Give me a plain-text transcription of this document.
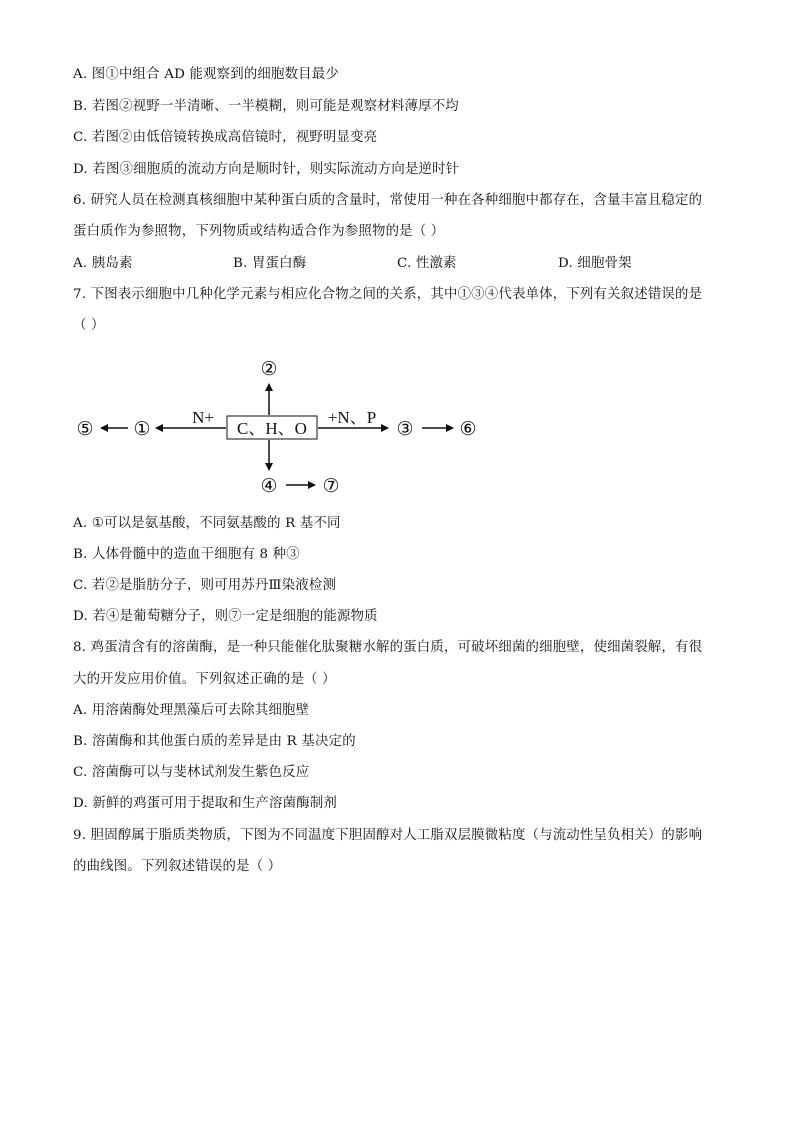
A. 图①中组合 AD 能观察到的细胞数目最少
B. 若图②视野一半清晰、一半模糊，则可能是观察材料薄厚不均
C. 若图②由低倍镜转换成高倍镜时，视野明显变亮
D. 若图③细胞质的流动方向是顺时针，则实际流动方向是逆时针
6. 研究人员在检测真核细胞中某种蛋白质的含量时，常使用一种在各种细胞中都存在，含量丰富且稳定的
蛋白质作为参照物，下列物质或结构适合作为参照物的是（ ）
A. 胰岛素	B. 胃蛋白酶	C. 性激素	D. 细胞骨架
7. 下图表示细胞中几种化学元素与相应化合物之间的关系，其中①③④代表单体，下列有关叙述错误的是
（ ）
C、H、O
②
④ ⑦
N+
①
⑤
+N、P
③ ⑥
A. ①可以是氨基酸，不同氨基酸的 R 基不同
B. 人体骨髓中的造血干细胞有 8 种③
C. 若②是脂肪分子，则可用苏丹Ⅲ染液检测
D. 若④是葡萄糖分子，则⑦一定是细胞的能源物质
8. 鸡蛋清含有的溶菌酶，是一种只能催化肽聚糖水解的蛋白质，可破坏细菌的细胞壁，使细菌裂解，有很
大的开发应用价值。下列叙述正确的是（ ）
A. 用溶菌酶处理黑藻后可去除其细胞壁
B. 溶菌酶和其他蛋白质的差异是由 R 基决定的
C. 溶菌酶可以与斐林试剂发生紫色反应
D. 新鲜的鸡蛋可用于提取和生产溶菌酶制剂
9. 胆固醇属于脂质类物质，下图为不同温度下胆固醇对人工脂双层膜微粘度（与流动性呈负相关）的影响
的曲线图。下列叙述错误的是（ ）
